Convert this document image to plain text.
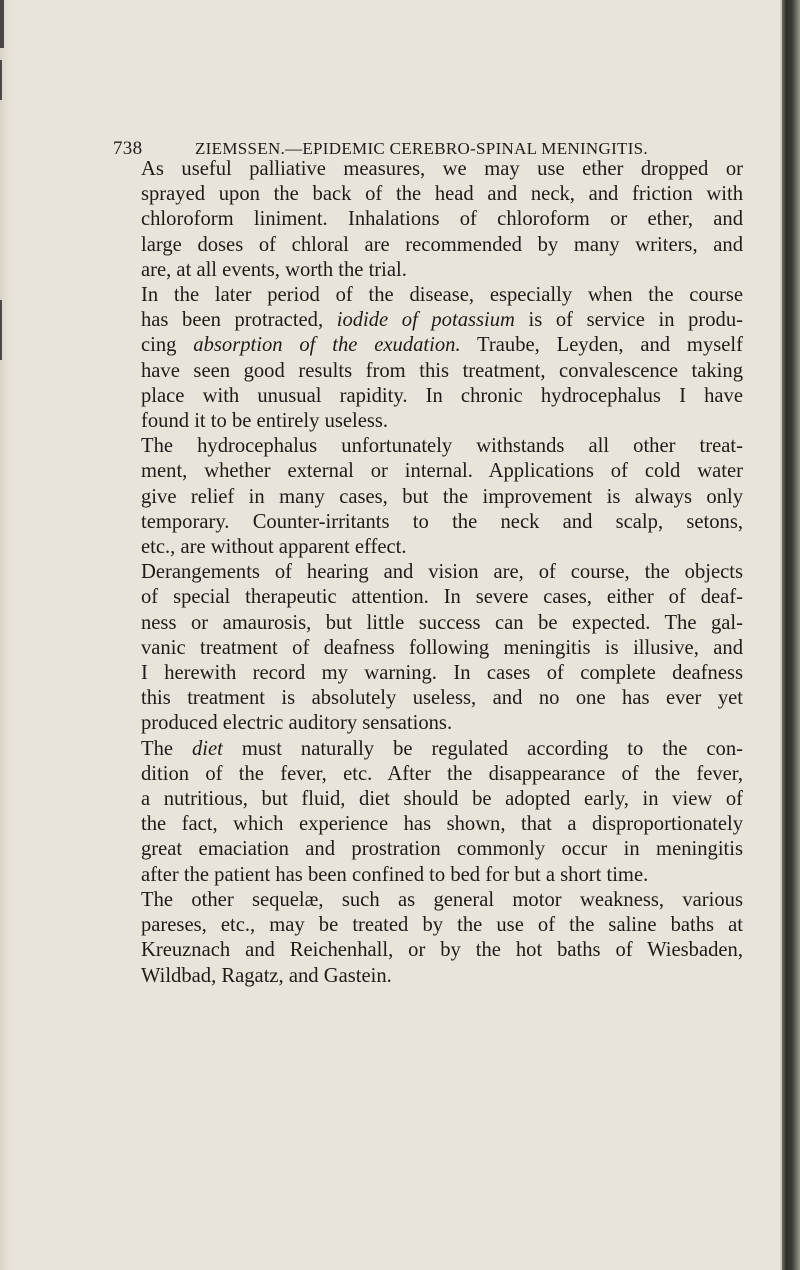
738	ZIEMSSEN.—EPIDEMIC CEREBRO-SPINAL MENINGITIS.

As useful palliative measures, we may use ether dropped or
sprayed upon the back of the head and neck, and friction with
chloroform liniment. Inhalations of chloroform or ether, and
large doses of chloral are recommended by many writers, and
are, at all events, worth the trial.

In the later period of the disease, especially when the course
has been protracted, iodide of potassium is of service in produ-
cing absorption of the exudation. Traube, Leyden, and myself
have seen good results from this treatment, convalescence taking
place with unusual rapidity. In chronic hydrocephalus I have
found it to be entirely useless.

The hydrocephalus unfortunately withstands all other treat-
ment, whether external or internal. Applications of cold water
give relief in many cases, but the improvement is always only
temporary. Counter-irritants to the neck and scalp, setons,
etc., are without apparent effect.

Derangements of hearing and vision are, of course, the objects
of special therapeutic attention. In severe cases, either of deaf-
ness or amaurosis, but little success can be expected. The gal-
vanic treatment of deafness following meningitis is illusive, and
I herewith record my warning. In cases of complete deafness
this treatment is absolutely useless, and no one has ever yet
produced electric auditory sensations.

The diet must naturally be regulated according to the con-
dition of the fever, etc. After the disappearance of the fever,
a nutritious, but fluid, diet should be adopted early, in view of
the fact, which experience has shown, that a disproportionately
great emaciation and prostration commonly occur in meningitis
after the patient has been confined to bed for but a short time.

The other sequelæ, such as general motor weakness, various
pareses, etc., may be treated by the use of the saline baths at
Kreuznach and Reichenhall, or by the hot baths of Wiesbaden,
Wildbad, Ragatz, and Gastein.
